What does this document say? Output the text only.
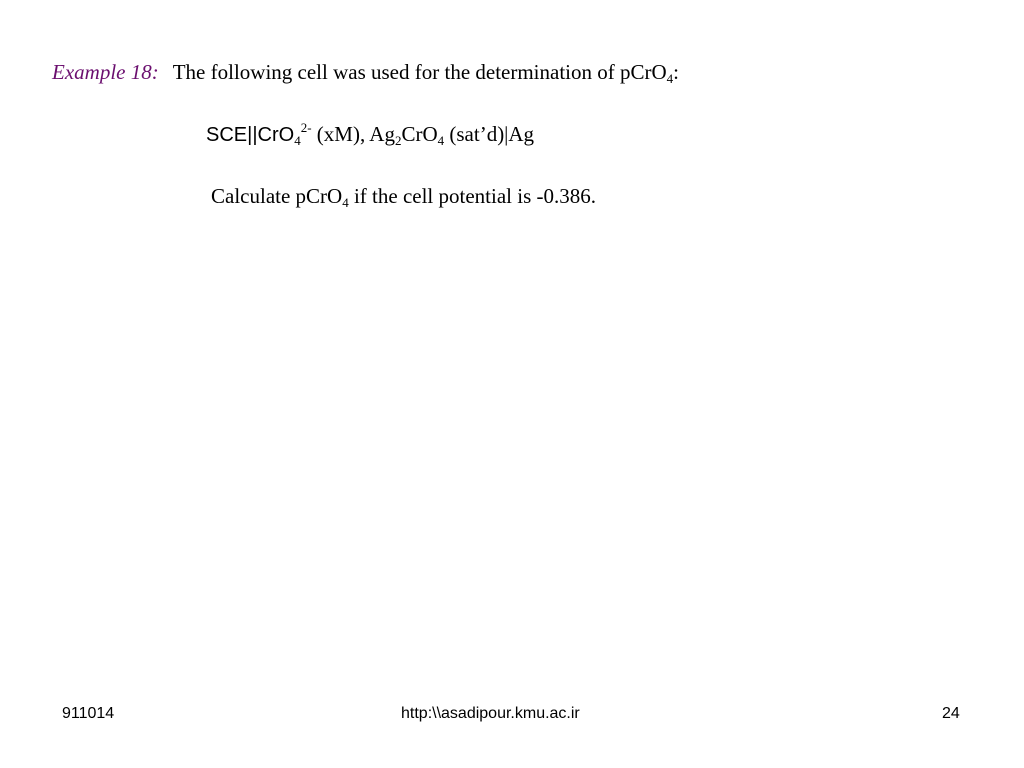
Example 18: The following cell was used for the determination of pCrO$_4$:
SCE||CrO$_4^{2-}$ (xM), $Ag_2CrO_4$ (sat’d)|Ag
Calculate pCrO$_4$ if the cell potential is -0.386.
911014	http:\\asadipour.kmu.ac.ir	24
